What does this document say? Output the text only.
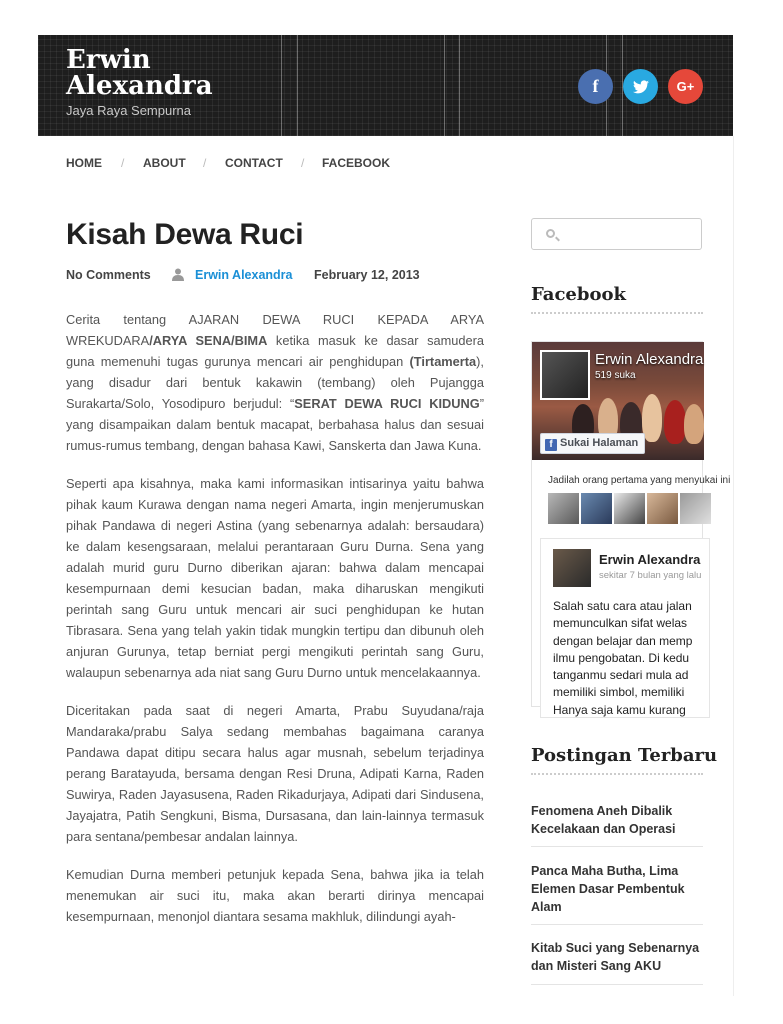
Erwin
Alexandra
Jaya Raya Sempurna
f	G+
HOME / ABOUT / CONTACT / FACEBOOK
Kisah Dewa Ruci
No Comments	Erwin Alexandra February 12, 2013

Cerita tentang AJARAN DEWA RUCI KEPADA ARYA WREKUDARA/ARYA SENA/BIMA ketika masuk ke dasar samudera guna memenuhi tugas gurunya mencari air penghidupan (Tirtamerta), yang disadur dari bentuk kakawin (tembang) oleh Pujangga Surakarta/Solo, Yosodipuro berjudul: “SERAT DEWA RUCI KIDUNG” yang disampaikan dalam bentuk macapat, berbahasa halus dan sesuai rumus-rumus tembang, dengan bahasa Kawi, Sanskerta dan Jawa Kuna.

Seperti apa kisahnya, maka kami informasikan intisarinya yaitu bahwa pihak kaum Kurawa dengan nama negeri Amarta, ingin menjerumuskan pihak Pandawa di negeri Astina (yang sebenarnya adalah: bersaudara) ke dalam kesengsaraan, melalui perantaraan Guru Durna. Sena yang adalah murid guru Durno diberikan ajaran: bahwa dalam mencapai kesempurnaan demi kesucian badan, maka diharuskan mengikuti perintah sang Guru untuk mencari air suci penghidupan ke hutan Tibrasara. Sena yang telah yakin tidak mungkin tertipu dan dibunuh oleh anjuran Gurunya, tetap berniat pergi mengikuti perintah sang Guru, walaupun sebenarnya ada niat sang Guru Durno untuk mencelakaannya.

Diceritakan pada saat di negeri Amarta, Prabu Suyudana/raja Mandaraka/prabu Salya sedang membahas bagaimana caranya Pandawa dapat ditipu secara halus agar musnah, sebelum terjadinya perang Baratayuda, bersama dengan Resi Druna, Adipati Karna, Raden Suwirya, Raden Jayasusena, Raden Rikadurjaya, Adipati dari Sindusena, Jayajatra, Patih Sengkuni, Bisma, Dursasana, dan lain-lainnya termasuk para sentana/pembesar andalan lainnya.

Kemudian Durna memberi petunjuk kepada Sena, bahwa jika ia telah menemukan air suci itu, maka akan berarti dirinya mencapai kesempurnaan, menonjol diantara sesama makhluk, dilindungi ayah-

Facebook
Erwin Alexandra
519 suka
f Sukai Halaman
Jadilah orang pertama yang menyukai ini
Erwin Alexandra
sekitar 7 bulan yang lalu
Salah satu cara atau jalan
memunculkan sifat welas
dengan belajar dan memp
ilmu pengobatan. Di kedu
tanganmu sedari mula ad
memiliki simbol, memiliki
Hanya saja kamu kurang
Postingan Terbaru
Fenomena Aneh Dibalik Kecelakaan dan Operasi
Panca Maha Butha, Lima Elemen Dasar Pembentuk Alam
Kitab Suci yang Sebenarnya dan Misteri Sang AKU
